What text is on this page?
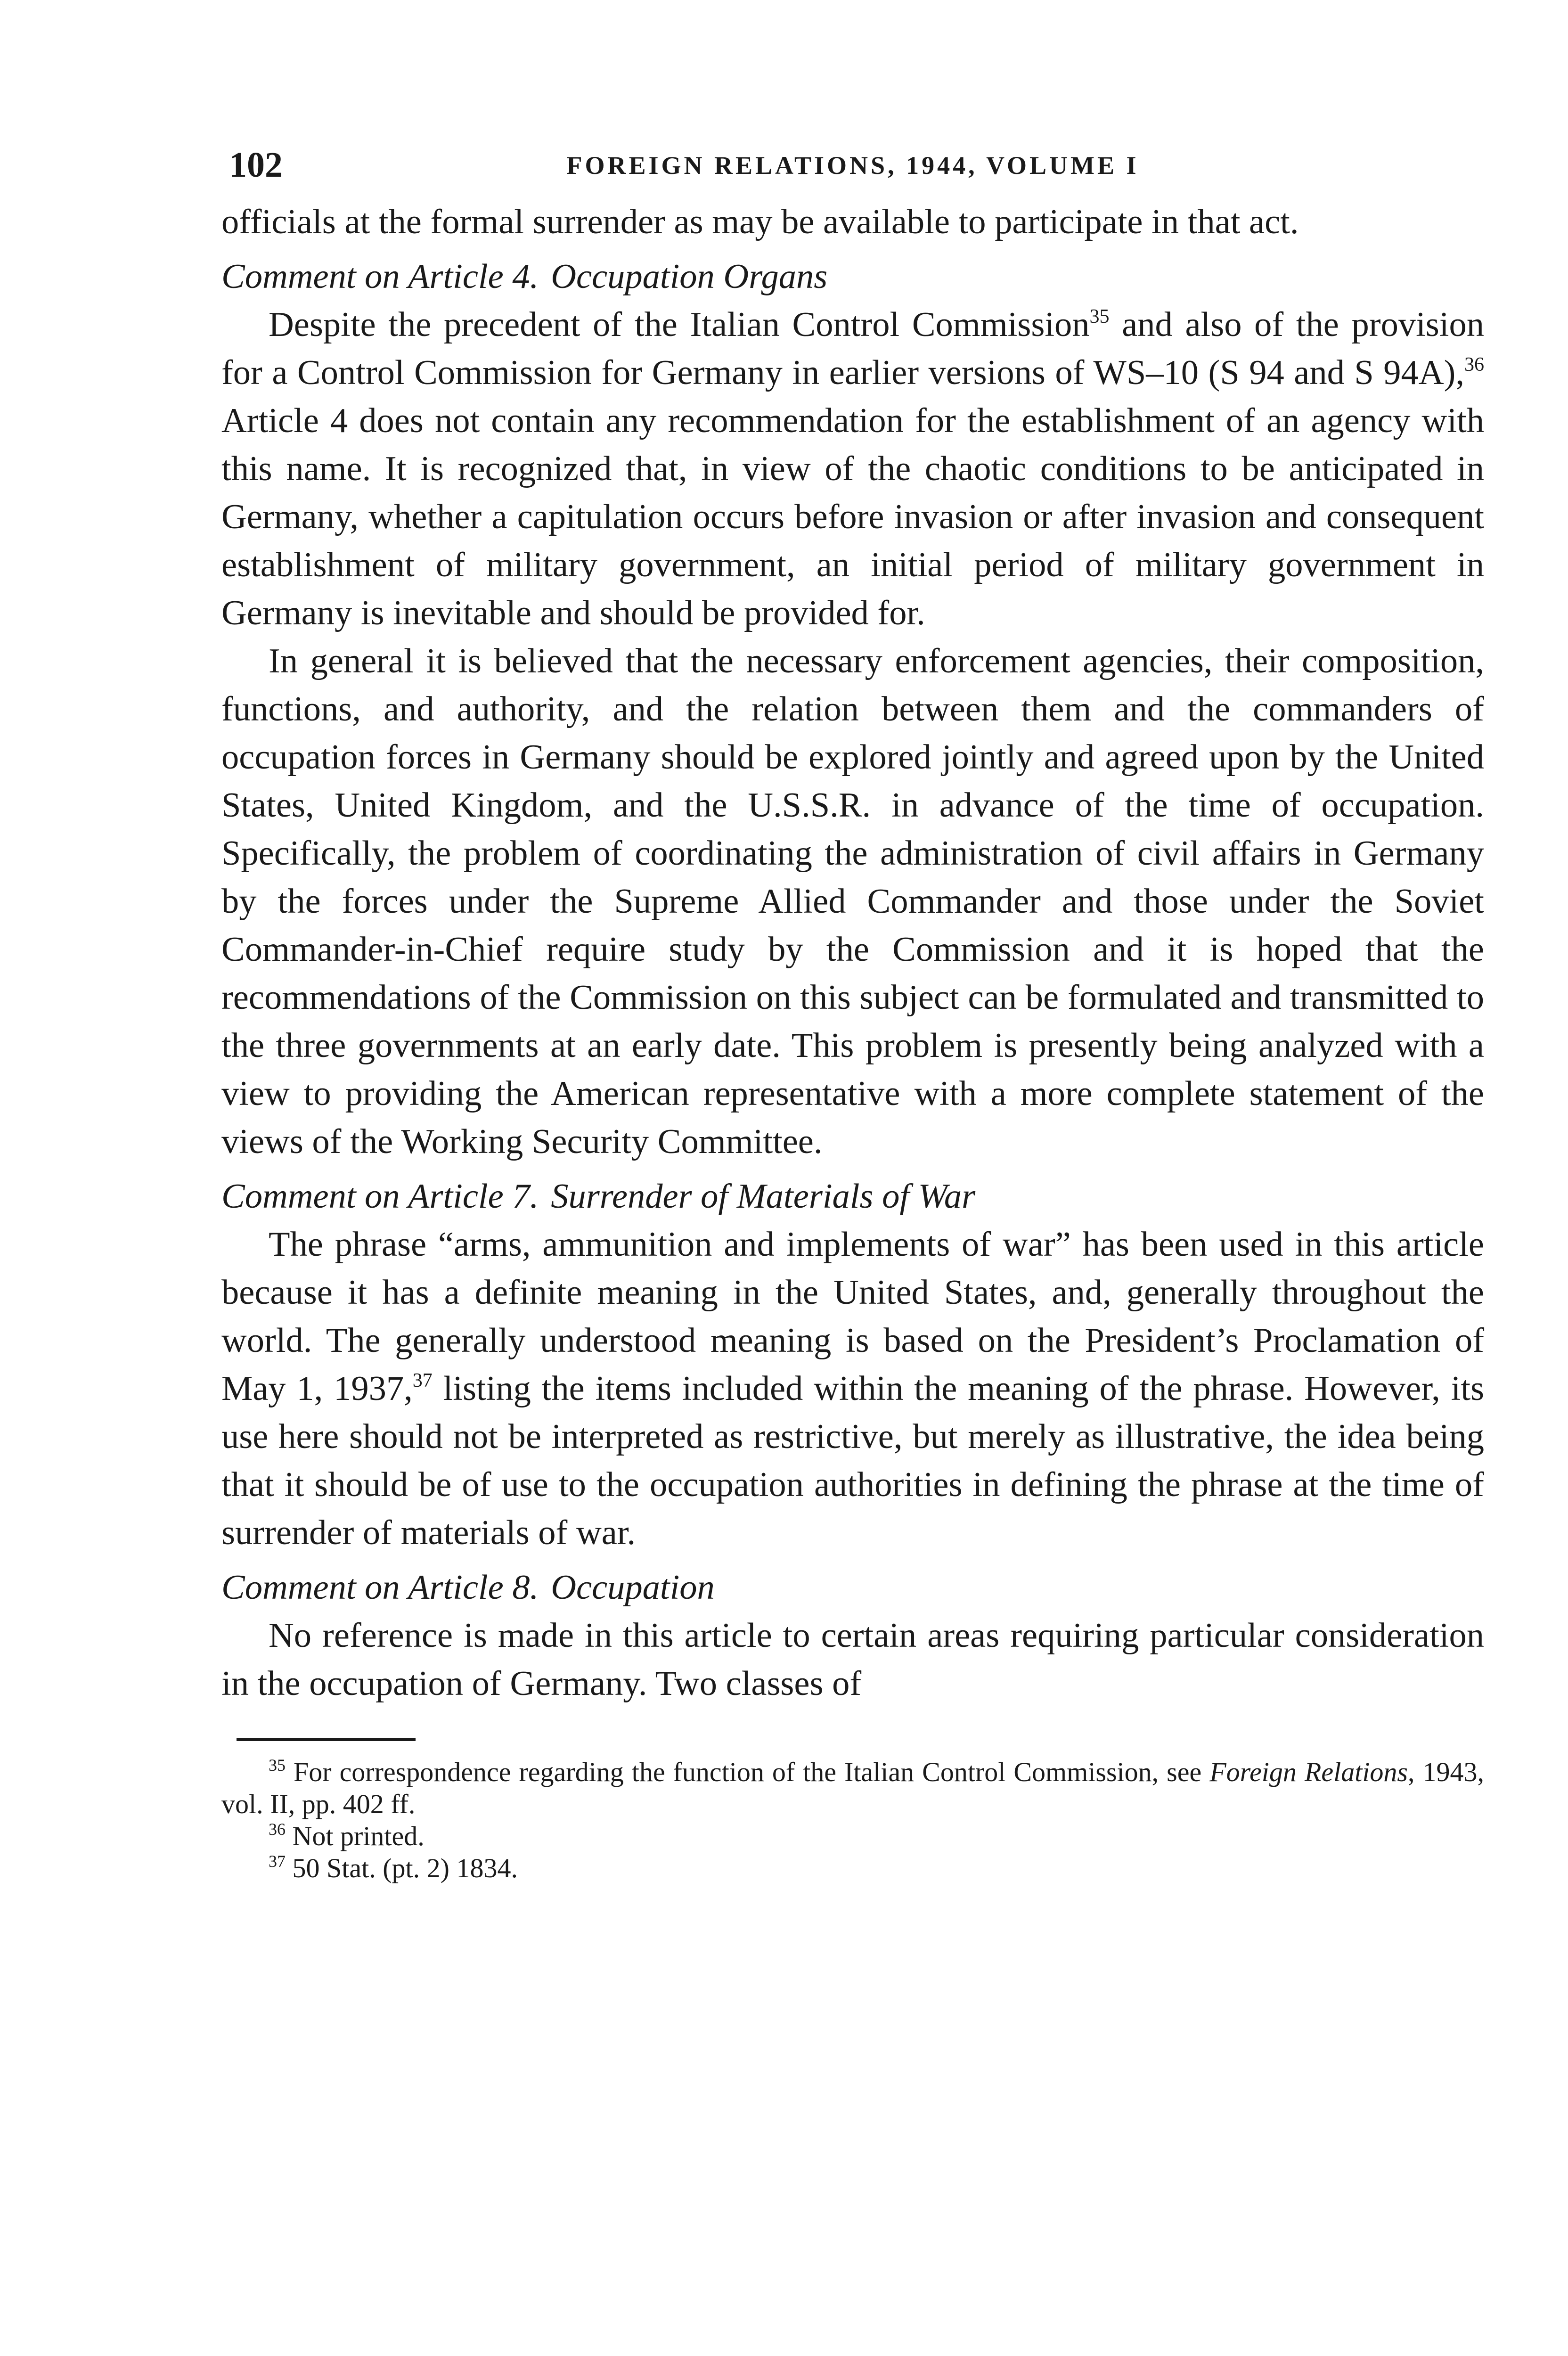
102	FOREIGN RELATIONS, 1944, VOLUME I

officials at the formal surrender as may be available to participate in that act.

Comment on Article 4. Occupation Organs

Despite the precedent of the Italian Control Commission$^{35}$ and also of the provision for a Control Commission for Germany in earlier versions of WS–10 (S 94 and S 94A),$^{36}$ Article 4 does not contain any recommendation for the establishment of an agency with this name. It is recognized that, in view of the chaotic conditions to be anticipated in Germany, whether a capitulation occurs before invasion or after invasion and consequent establishment of military government, an initial period of military government in Germany is inevitable and should be provided for.

In general it is believed that the necessary enforcement agencies, their composition, functions, and authority, and the relation between them and the commanders of occupation forces in Germany should be explored jointly and agreed upon by the United States, United Kingdom, and the U.S.S.R. in advance of the time of occupation. Specifically, the problem of coordinating the administration of civil affairs in Germany by the forces under the Supreme Allied Commander and those under the Soviet Commander-in-Chief require study by the Commission and it is hoped that the recommendations of the Commission on this subject can be formulated and transmitted to the three governments at an early date. This problem is presently being analyzed with a view to providing the American representative with a more complete statement of the views of the Working Security Committee.

Comment on Article 7. Surrender of Materials of War

The phrase “arms, ammunition and implements of war” has been used in this article because it has a definite meaning in the United States, and, generally throughout the world. The generally understood meaning is based on the President’s Proclamation of May 1, 1937,37 listing the items included within the meaning of the phrase. However, its use here should not be interpreted as restrictive, but merely as illustrative, the idea being that it should be of use to the occupation authorities in defining the phrase at the time of surrender of materials of war.

Comment on Article 8. Occupation

No reference is made in this article to certain areas requiring particular consideration in the occupation of Germany. Two classes of

$^{35}$ For correspondence regarding the function of the Italian Control Commission, see Foreign Relations, 1943, vol. II, pp. 402 ff.

$^{36}$ Not printed.

$^{37}$ 50 Stat. (pt. 2) 1834.
